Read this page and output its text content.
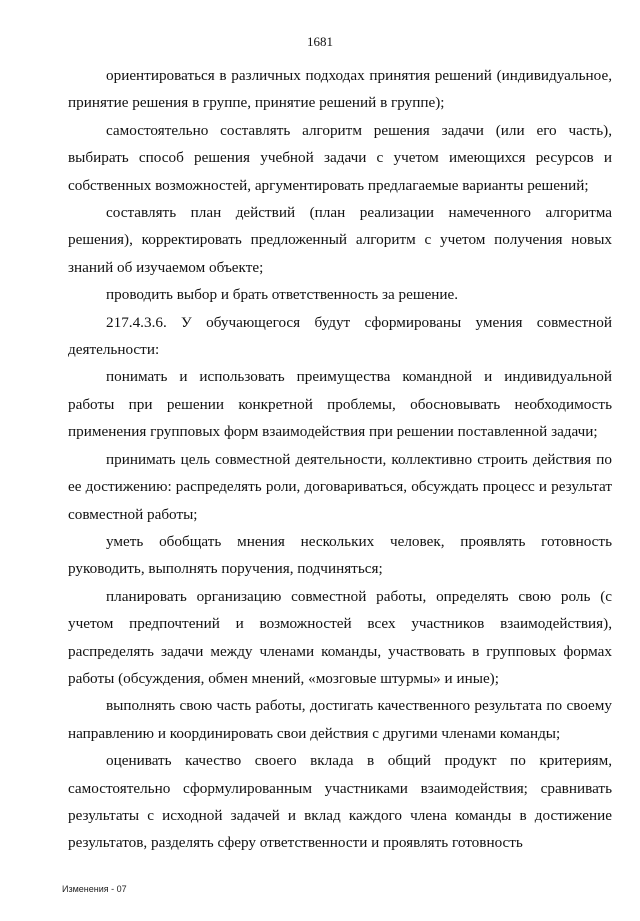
1681

ориентироваться в различных подходах принятия решений (индивидуальное, принятие решения в группе, принятие решений в группе);

самостоятельно составлять алгоритм решения задачи (или его часть), выбирать способ решения учебной задачи с учетом имеющихся ресурсов и собственных возможностей, аргументировать предлагаемые варианты решений;

составлять план действий (план реализации намеченного алгоритма решения), корректировать предложенный алгоритм с учетом получения новых знаний об изучаемом объекте;

проводить выбор и брать ответственность за решение.

217.4.3.6. У обучающегося будут сформированы умения совместной деятельности:

понимать и использовать преимущества командной и индивидуальной работы при решении конкретной проблемы, обосновывать необходимость применения групповых форм взаимодействия при решении поставленной задачи;

принимать цель совместной деятельности, коллективно строить действия по ее достижению: распределять роли, договариваться, обсуждать процесс и результат совместной работы;

уметь обобщать мнения нескольких человек, проявлять готовность руководить, выполнять поручения, подчиняться;

планировать организацию совместной работы, определять свою роль (с учетом предпочтений и возможностей всех участников взаимодействия), распределять задачи между членами команды, участвовать в групповых формах работы (обсуждения, обмен мнений, «мозговые штурмы» и иные);

выполнять свою часть работы, достигать качественного результата по своему направлению и координировать свои действия с другими членами команды;

оценивать качество своего вклада в общий продукт по критериям, самостоятельно сформулированным участниками взаимодействия; сравнивать результаты с исходной задачей и вклад каждого члена команды в достижение результатов, разделять сферу ответственности и проявлять готовность

Изменения - 07
